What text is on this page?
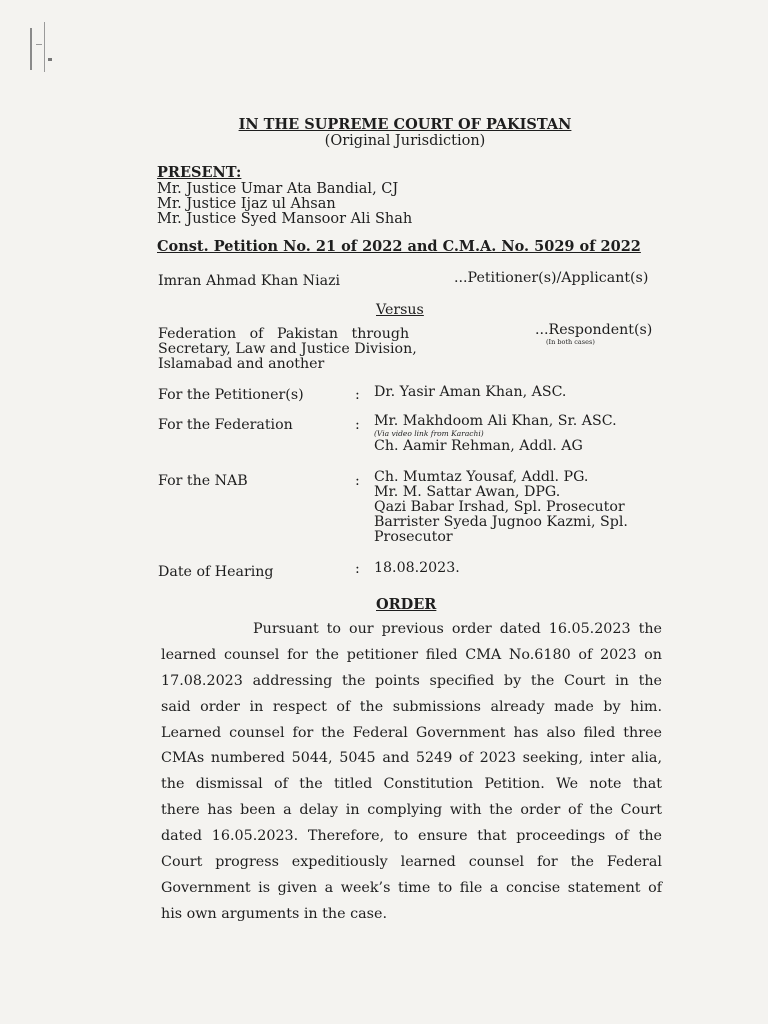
IN THE SUPREME COURT OF PAKISTAN
(Original Jurisdiction)
PRESENT:
Mr. Justice Umar Ata Bandial, CJ
Mr. Justice Ijaz ul Ahsan
Mr. Justice Syed Mansoor Ali Shah
Const. Petition No. 21 of 2022 and C.M.A. No. 5029 of 2022
Imran Ahmad Khan Niazi	...Petitioner(s)/Applicant(s)
Versus
Federation   of   Pakistan   through
Secretary, Law and Justice Division,
Islamabad and another
...Respondent(s)
(In both cases)
For the Petitioner(s)	: Dr. Yasir Aman Khan, ASC.
For the Federation	: Mr. Makhdoom Ali Khan, Sr. ASC.
(Via video link from Karachi)
Ch. Aamir Rehman, Addl. AG
For the NAB	: Ch. Mumtaz Yousaf, Addl. PG.
Mr. M. Sattar Awan, DPG.
Qazi Babar Irshad, Spl. Prosecutor
Barrister Syeda Jugnoo Kazmi, Spl.
Prosecutor
Date of Hearing	: 18.08.2023.
ORDER
Pursuant to our previous order dated 16.05.2023 the
learned counsel for the petitioner filed CMA No.6180 of 2023 on
17.08.2023 addressing the points specified by the Court in the
said order in respect of the submissions already made by him.
Learned counsel for the Federal Government has also filed three
CMAs numbered 5044, 5045 and 5249 of 2023 seeking, inter alia,
the dismissal of the titled Constitution Petition. We note that
there has been a delay in complying with the order of the Court
dated 16.05.2023. Therefore, to ensure that proceedings of the
Court progress expeditiously learned counsel for the Federal
Government is given a week’s time to file a concise statement of
his own arguments in the case.
